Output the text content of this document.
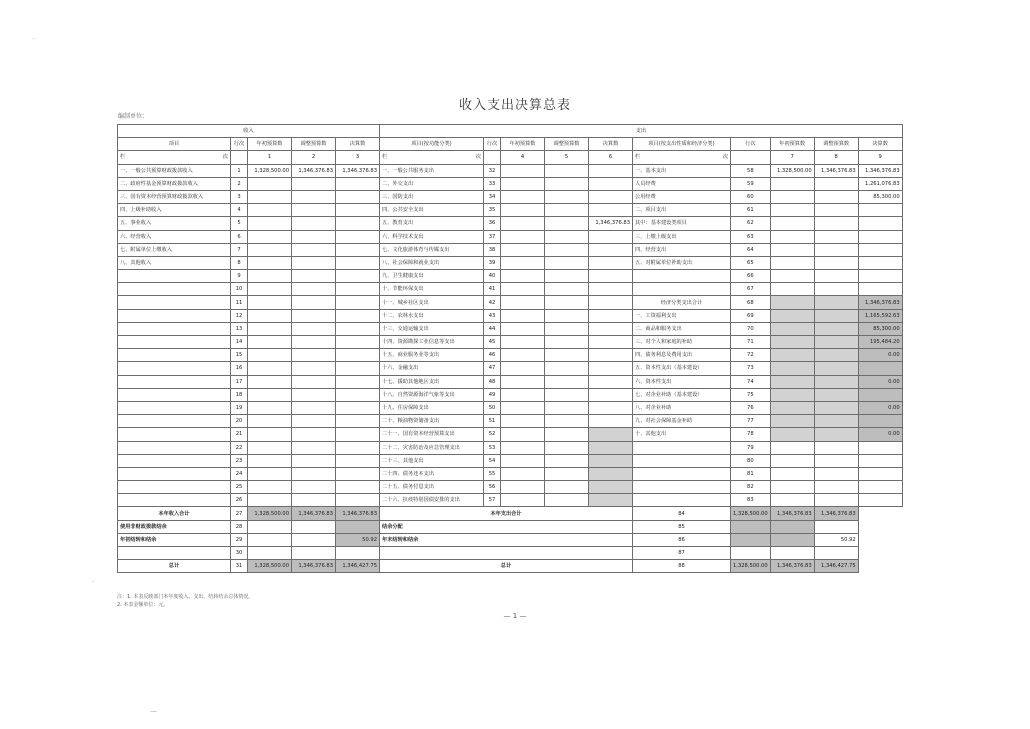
收入支出决算总表
编制单位：
收入					支出									
项目	行次	年初预算数	调整预算数	决算数	项目(按功能分类)	行次	年初预算数	调整预算数	决算数	项目(按支出性质和经济分类)	行次	年初预算数	调整预算数	决算数
栏 次		1	2	3	栏 次		4	5	6	栏 次		7	8	9
一、一般公共预算财政拨款收入	1	1,328,500.00	1,346,376.83	1,346,376.83	一、一般公共服务支出	32				一、基本支出	58	1,328,500.00	1,346,376.83	1,346,376.83
二、政府性基金预算财政拨款收入	2				二、外交支出	33				人员经费	59			1,261,076.83
三、国有资本经营预算财政拨款收入	3				三、国防支出	34				公用经费	60			85,300.00
四、上级补助收入	4				四、公共安全支出	35				二、项目支出	61			
五、事业收入	5				五、教育支出	36			1,346,376.83	其中：基本建设类项目	62			
六、经营收入	6				六、科学技术支出	37				三、上缴上级支出	63			
七、附属单位上缴收入	7				七、文化旅游体育与传媒支出	38				四、经营支出	64			
八、其他收入	8				八、社会保障和就业支出	39				五、对附属单位补助支出	65			
	9				九、卫生健康支出	40					66			
	10				十、节能环保支出	41					67			
	11				十一、城乡社区支出	42				经济分类支出合计	68			1,346,376.83
	12				十二、农林水支出	43				一、工资福利支出	69			1,165,592.63
	13				十三、交通运输支出	44				二、商品和服务支出	70			85,300.00
	14				十四、资源勘探工业信息等支出	45				三、对个人和家庭的补助	71			195,484.20
	15				十五、商业服务业等支出	46				四、债务利息及费用支出	72			0.00
	16				十六、金融支出	47				五、资本性支出（基本建设）	73			
	17				十七、援助其他地区支出	48				六、资本性支出	74			0.00
	18				十八、自然资源海洋气象等支出	49				七、对企业补助（基本建设）	75			
	19				十九、住房保障支出	50				八、对企业补助	76			0.00
	20				二十、粮油物资储备支出	51				九、对社会保障基金补助	77			
	21				二十一、国有资本经营预算支出	52				十、其他支出	78			0.00
	22				二十二、灾害防治及应急管理支出	53					79			
	23				二十三、其他支出	54					80			
	24				二十四、债务还本支出	55					81			
	25				二十五、债务付息支出	56					82			
	26				二十六、抗疫特别国债安排的支出	57					83			
本年收入合计	27	1,328,500.00	1,346,376.83	1,346,376.83	本年支出合计					84	1,328,500.00	1,346,376.83	1,346,376.83	
使用非财政拨款结余	28				结余分配					85				
年初结转和结余	29			50.92	年末结转和结余					86			50.92	
	30									87				
总计	31	1,328,500.00	1,346,376.83	1,346,427.75	总计					88	1,328,500.00	1,346,376.83	1,346,427.75	
注：1. 本表反映部门本年度收入、支出、结转结余总体情况。
2. 本表金额单位：元。
— 1 —
·
·
—
